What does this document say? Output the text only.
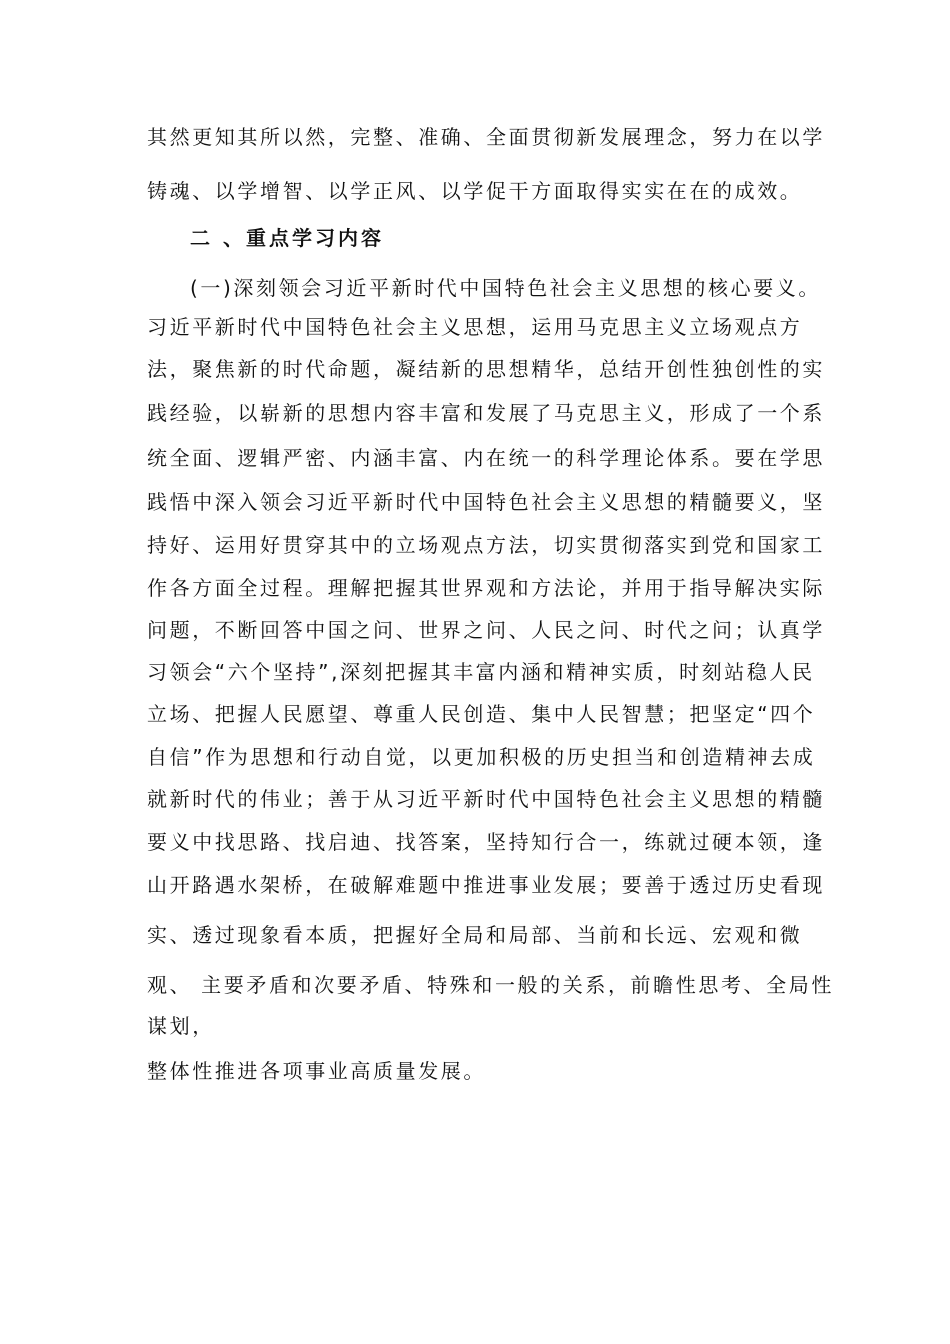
其然更知其所以然，完整、准确、全面贯彻新发展理念，努力在以学
铸魂、以学增智、以学正风、以学促干方面取得实实在在的成效。
二 、重点学习内容
(一)深刻领会习近平新时代中国特色社会主义思想的核心要义。
习近平新时代中国特色社会主义思想，运用马克思主义立场观点方
法，聚焦新的时代命题，凝结新的思想精华，总结开创性独创性的实
践经验，以崭新的思想内容丰富和发展了马克思主义，形成了一个系
统全面、逻辑严密、内涵丰富、内在统一的科学理论体系。要在学思
践悟中深入领会习近平新时代中国特色社会主义思想的精髓要义，坚
持好、运用好贯穿其中的立场观点方法，切实贯彻落实到党和国家工
作各方面全过程。理解把握其世界观和方法论，并用于指导解决实际
问题，不断回答中国之问、世界之问、人民之问、时代之问；认真学
习领会“六个坚持”,深刻把握其丰富内涵和精神实质，时刻站稳人民
立场、把握人民愿望、尊重人民创造、集中人民智慧；把坚定“四个
自信”作为思想和行动自觉，以更加积极的历史担当和创造精神去成
就新时代的伟业；善于从习近平新时代中国特色社会主义思想的精髓
要义中找思路、找启迪、找答案，坚持知行合一，练就过硬本领，逢
山开路遇水架桥，在破解难题中推进事业发展；要善于透过历史看现
实、透过现象看本质，把握好全局和局部、当前和长远、宏观和微
观、 主要矛盾和次要矛盾、特殊和一般的关系，前瞻性思考、全局性
谋划，
整体性推进各项事业高质量发展。
